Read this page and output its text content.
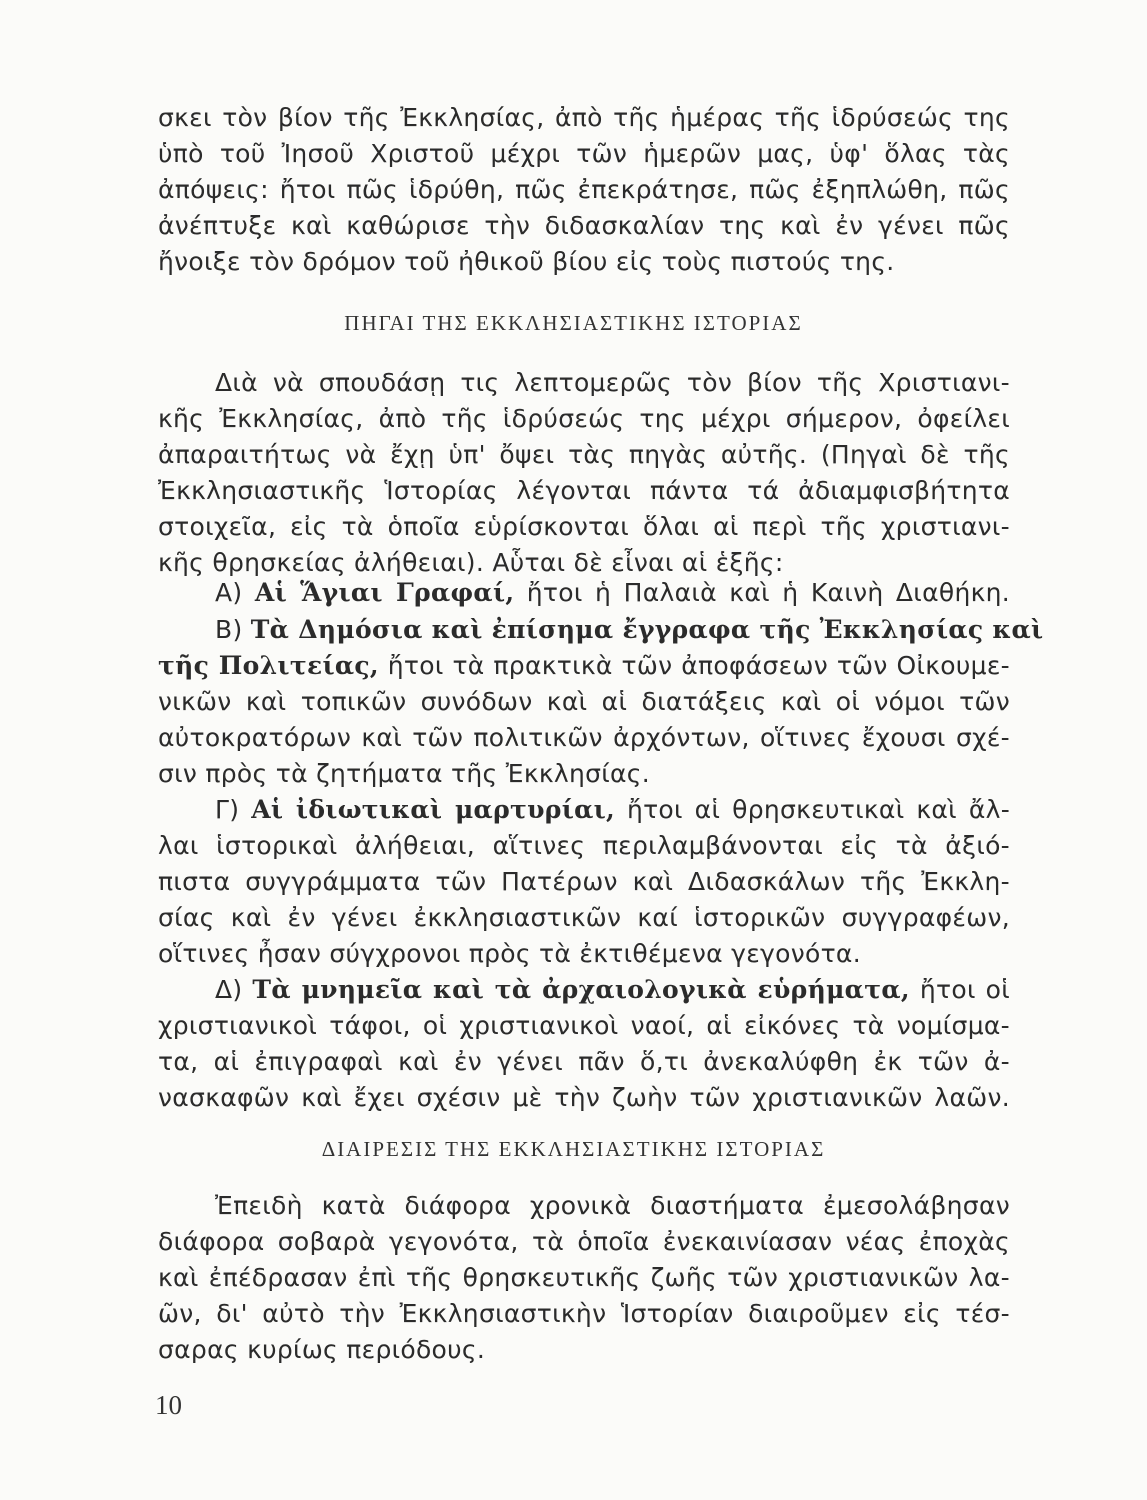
σκει τὸν βίον τῆς Ἐκκλησίας, ἀπὸ τῆς ἡμέρας τῆς ἱδρύσεώς της
ὑπὸ τοῦ Ἰησοῦ Χριστοῦ μέχρι τῶν ἡμερῶν μας, ὑφ' ὅλας τὰς
ἀπόψεις: ἤτοι πῶς ἱδρύθη, πῶς ἐπεκράτησε, πῶς ἐξηπλώθη, πῶς
ἀνέπτυξε καὶ καθώρισε τὴν διδασκαλίαν της καὶ ἐν γένει πῶς
ἤνοιξε τὸν δρόμον τοῦ ἠθικοῦ βίου εἰς τοὺς πιστούς της.
ΠΗΓΑΙ ΤΗΣ ΕΚΚΛΗΣΙΑΣΤΙΚΗΣ ΙΣΤΟΡΙΑΣ
Διὰ νὰ σπουδάσῃ τις λεπτομερῶς τὸν βίον τῆς Χριστιανι-
κῆς Ἐκκλησίας, ἀπὸ τῆς ἱδρύσεώς της μέχρι σήμερον, ὀφείλει
ἀπαραιτήτως νὰ ἔχῃ ὑπ' ὄψει τὰς πηγὰς αὐτῆς. (Πηγαὶ δὲ τῆς
Ἐκκλησιαστικῆς Ἱστορίας λέγονται πάντα τά ἀδιαμφισβήτητα
στοιχεῖα, εἰς τὰ ὁποῖα εὑρίσκονται ὅλαι αἱ περὶ τῆς χριστιανι-
κῆς θρησκείας ἀλήθειαι). Αὗται δὲ εἶναι αἱ ἑξῆς:
Α) Αἱ Ἅγιαι Γραφαί, ἤτοι ἡ Παλαιὰ καὶ ἡ Καινὴ Διαθήκη.
Β) Τὰ Δημόσια καὶ ἐπίσημα ἔγγραφα τῆς Ἐκκλησίας καὶ
τῆς Πολιτείας, ἤτοι τὰ πρακτικὰ τῶν ἀποφάσεων τῶν Οἰκουμε-
νικῶν καὶ τοπικῶν συνόδων καὶ αἱ διατάξεις καὶ οἱ νόμοι τῶν
αὐτοκρατόρων καὶ τῶν πολιτικῶν ἀρχόντων, οἵτινες ἔχουσι σχέ-
σιν πρὸς τὰ ζητήματα τῆς Ἐκκλησίας.
Γ) Αἱ ἰδιωτικαὶ μαρτυρίαι, ἤτοι αἱ θρησκευτικαὶ καὶ ἄλ-
λαι ἱστορικαὶ ἀλήθειαι, αἵτινες περιλαμβάνονται εἰς τὰ ἀξιό-
πιστα συγγράμματα τῶν Πατέρων καὶ Διδασκάλων τῆς Ἐκκλη-
σίας καὶ ἐν γένει ἐκκλησιαστικῶν καί ἱστορικῶν συγγραφέων,
οἵτινες ἦσαν σύγχρονοι πρὸς τὰ ἐκτιθέμενα γεγονότα.
Δ) Τὰ μνημεῖα καὶ τὰ ἀρχαιολογικὰ εὑρήματα, ἤτοι οἱ
χριστιανικοὶ τάφοι, οἱ χριστιανικοὶ ναοί, αἱ εἰκόνες τὰ νομίσμα-
τα, αἱ ἐπιγραφαὶ καὶ ἐν γένει πᾶν ὅ,τι ἀνεκαλύφθη ἐκ τῶν ἀ-
νασκαφῶν καὶ ἔχει σχέσιν μὲ τὴν ζωὴν τῶν χριστιανικῶν λαῶν.
ΔΙΑΙΡΕΣΙΣ ΤΗΣ ΕΚΚΛΗΣΙΑΣΤΙΚΗΣ ΙΣΤΟΡΙΑΣ
Ἐπειδὴ κατὰ διάφορα χρονικὰ διαστήματα ἐμεσολάβησαν
διάφορα σοβαρὰ γεγονότα, τὰ ὁποῖα ἐνεκαινίασαν νέας ἐποχὰς
καὶ ἐπέδρασαν ἐπὶ τῆς θρησκευτικῆς ζωῆς τῶν χριστιανικῶν λα-
ῶν, δι' αὐτὸ τὴν Ἐκκλησιαστικὴν Ἱστορίαν διαιροῦμεν εἰς τέσ-
σαρας κυρίως περιόδους.
10
